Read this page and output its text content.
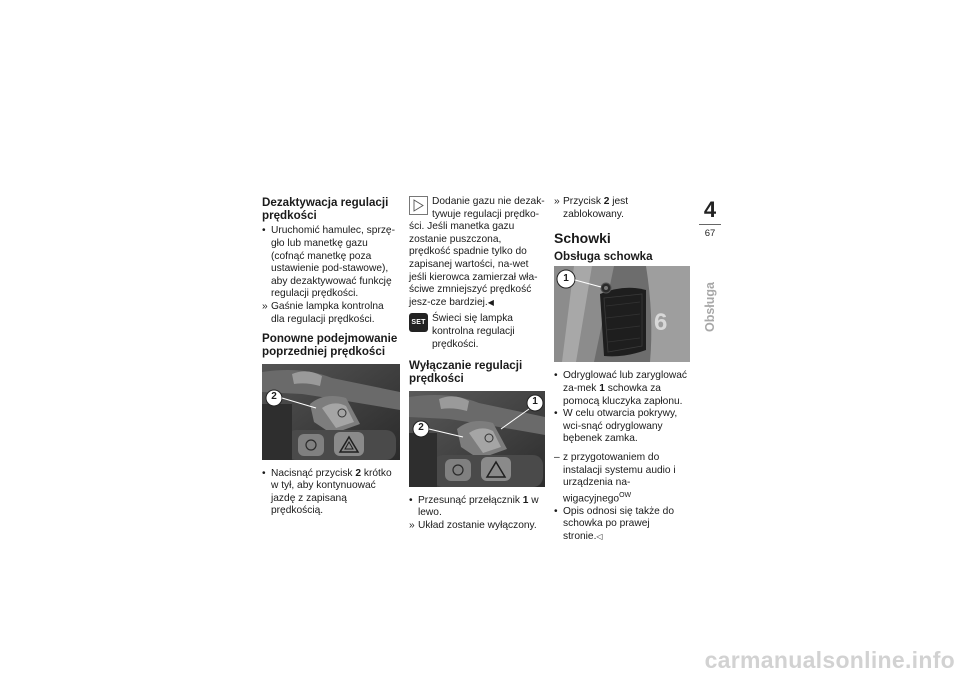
Dezaktywacja regulacji prędkości
• Uruchomić hamulec, sprzę-gło lub manetkę gazu (cofnąć manetkę poza ustawienie pod-stawowe), aby dezaktywować funkcję regulacji prędkości.
» Gaśnie lampka kontrolna dla regulacji prędkości.
Ponowne podejmowanie poprzedniej prędkości
2
• Nacisnąć przycisk 2 krótko w tył, aby kontynuować jazdę z zapisaną prędkością.
Dodanie gazu nie dezak-tywuje regulacji prędko-
ści. Jeśli manetka gazu zostanie puszczona, prędkość spadnie tylko do zapisanej wartości, na-wet jeśli kierowca zamierzał wła-ściwe zmniejszyć prędkość jesz-cze bardziej.◀
SET Świeci się lampka kontrolna regulacji prędkości.
Wyłączanie regulacji prędkości
2
1
• Przesunąć przełącznik 1 w lewo.
» Układ zostanie wyłączony.
» Przycisk 2 jest zablokowany.
Schowki
Obsługa schowka
6
1
• Odryglować lub zaryglować za-mek 1 schowka za pomocą kluczyka zapłonu.
• W celu otwarcia pokrywy, wci-snąć odryglowany bębenek zamka.
– z przygotowaniem do instalacji systemu audio i urządzenia na-wigacyjnego$^{OW}$
• Opis odnosi się także do schowka po prawej stronie.◁
4
67
Obsługa
carmanualsonline.info
